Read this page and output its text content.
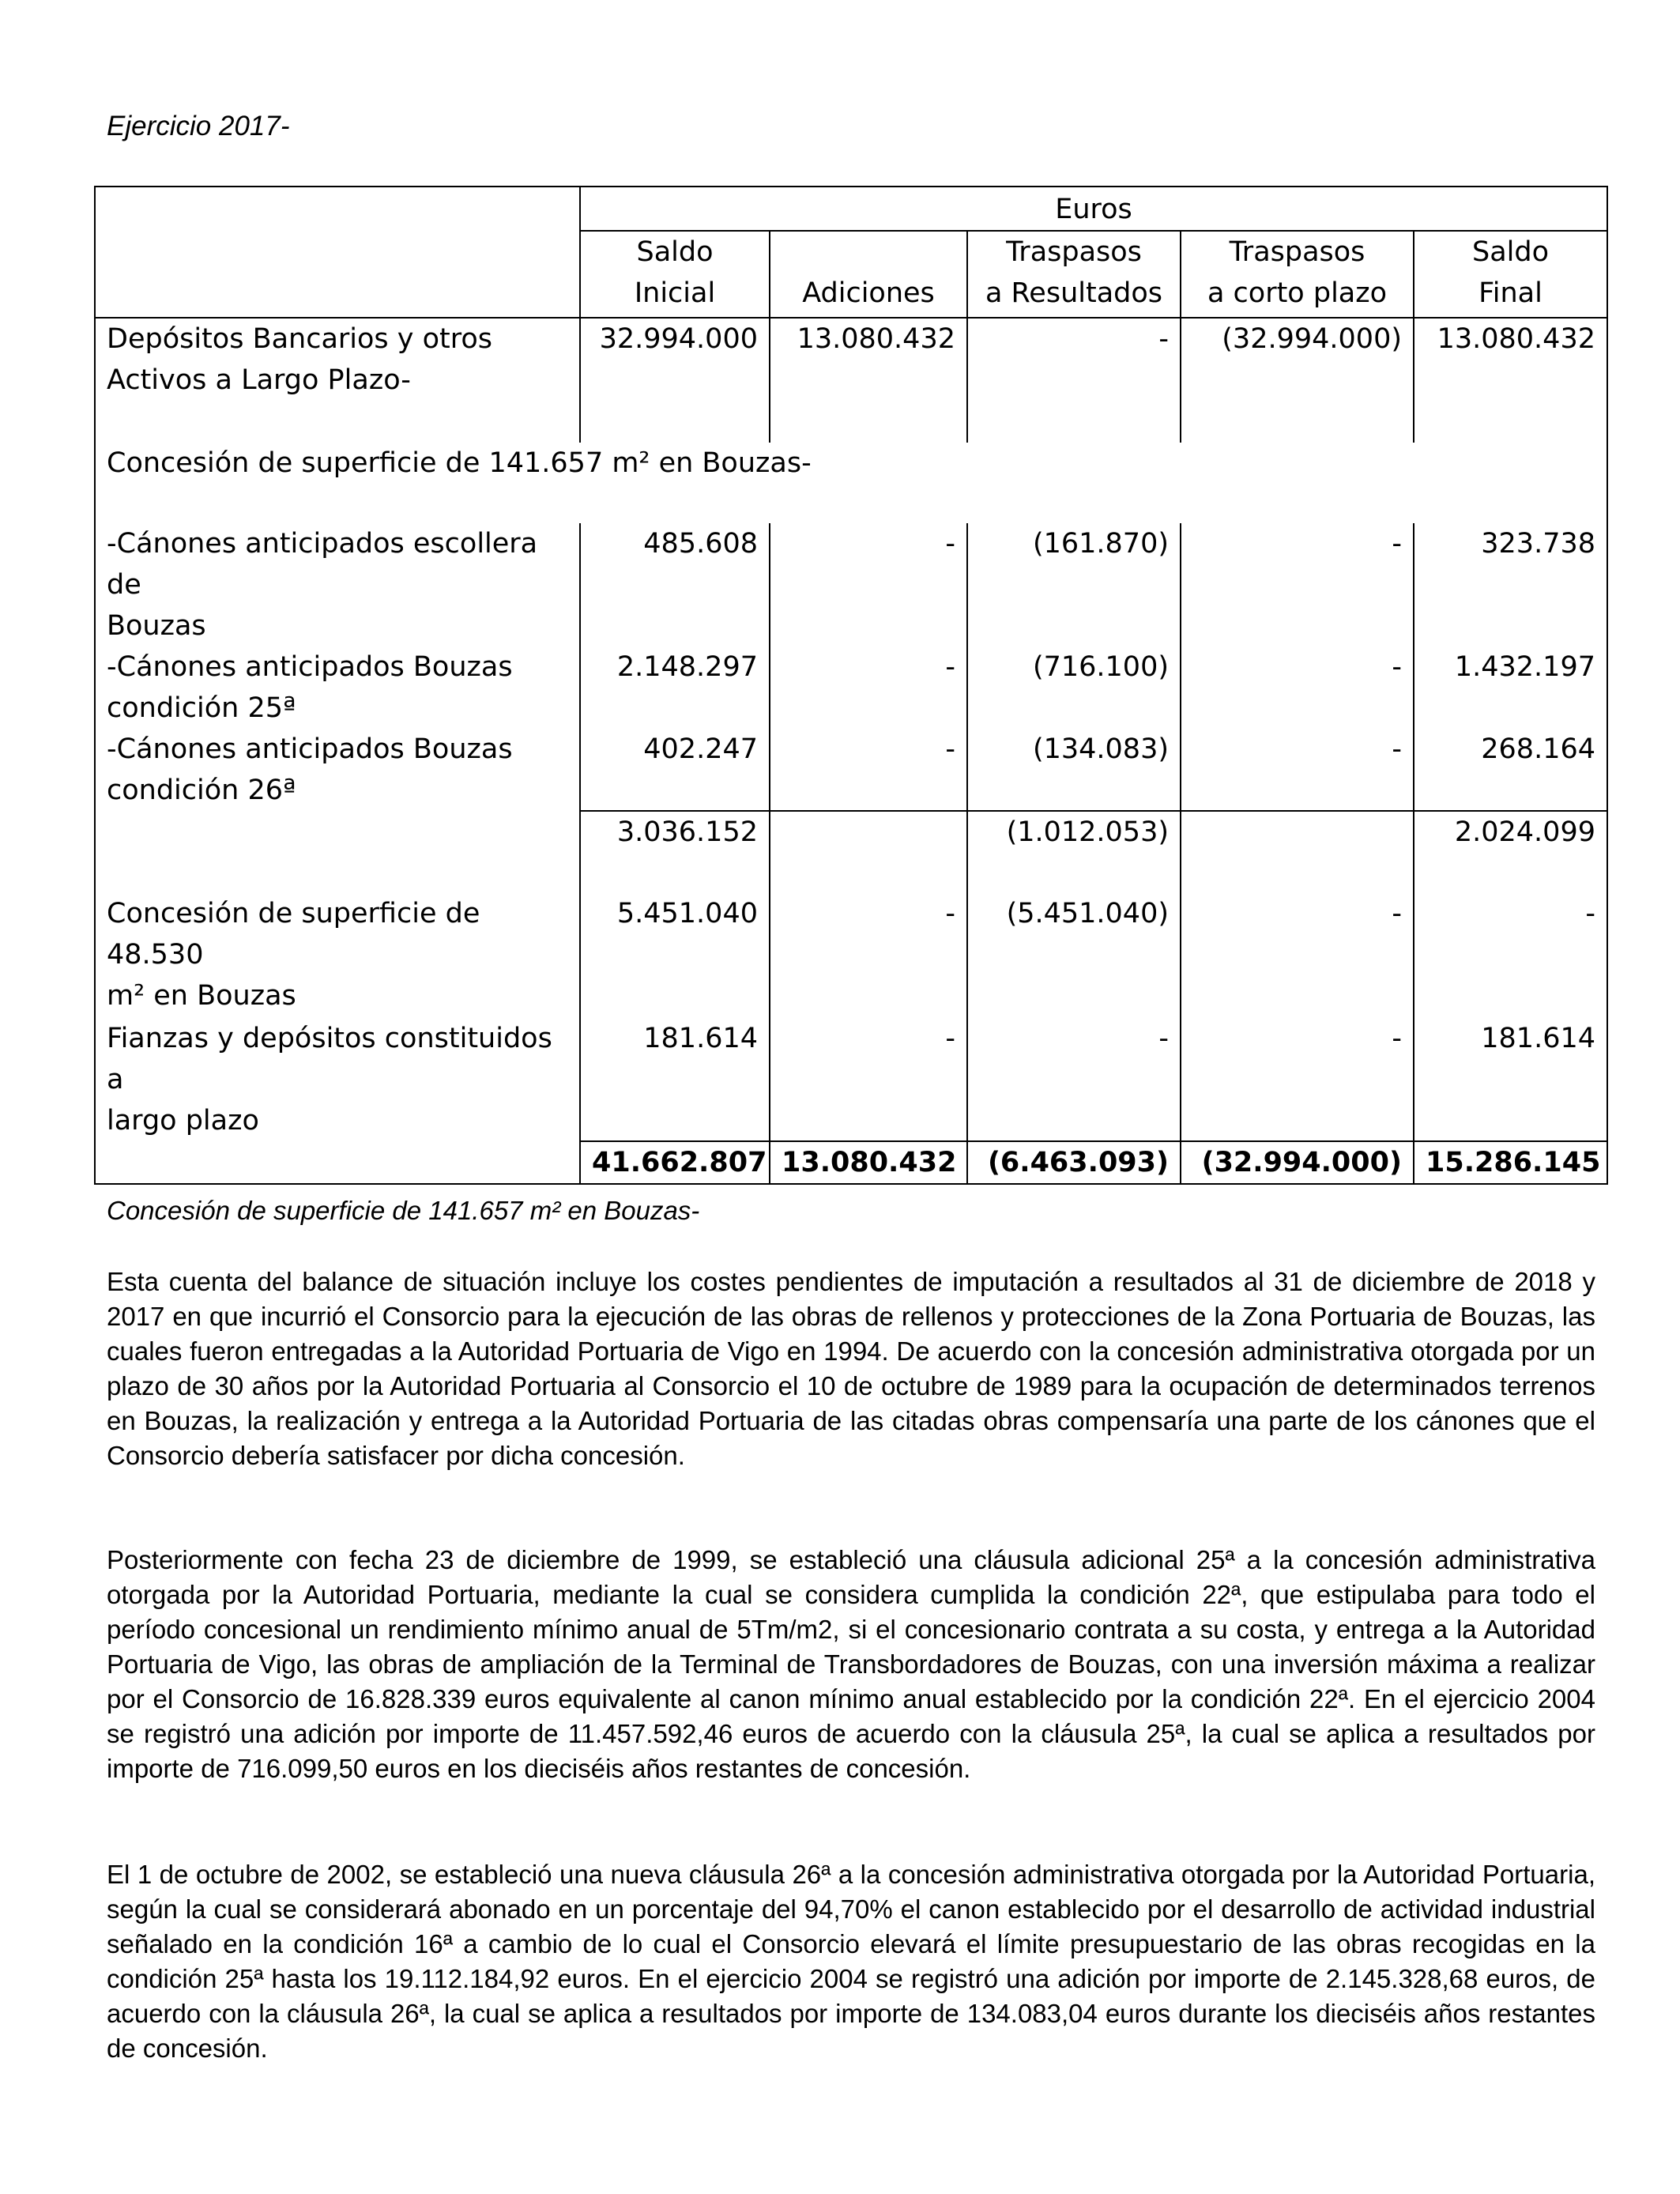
Ejercicio 2017-
	Euros				
	Saldo		Traspasos	Traspasos	Saldo
	Inicial	Adiciones	a Resultados	a corto plazo	Final

Depósitos Bancarios y otros
Activos a Largo Plazo-	32.994.000	13.080.432	-	(32.994.000)	13.080.432
Concesión de superficie de 141.657 m² en Bouzas-					

-Cánones anticipados escollera de
Bouzas	485.608	-	(161.870)	-	323.738

-Cánones anticipados Bouzas
condición 25ª	2.148.297	-	(716.100)	-	1.432.197

-Cánones anticipados Bouzas
condición 26ª	402.247	-	(134.083)	-	268.164
	3.036.152		(1.012.053)		2.024.099

Concesión de superficie de 48.530
m² en Bouzas	5.451.040	-	(5.451.040)	-	-

Fianzas y depósitos constituidos a
largo plazo	181.614	-	-	-	181.614
	41.662.807	13.080.432	(6.463.093)	(32.994.000)	15.286.145

Concesión de superficie de 141.657 m² en Bouzas-

Esta cuenta del balance de situación incluye los costes pendientes de imputación a resultados al 31 de diciembre de 2018 y 2017 en que incurrió el Consorcio para la ejecución de las obras de rellenos y protecciones de la Zona Portuaria de Bouzas, las cuales fueron entregadas a la Autoridad Portuaria de Vigo en 1994. De acuerdo con la concesión administrativa otorgada por un plazo de 30 años por la Autoridad Portuaria al Consorcio el 10 de octubre de 1989 para la ocupación de determinados terrenos en Bouzas, la realización y entrega a la Autoridad Portuaria de las citadas obras compensaría una parte de los cánones que el Consorcio debería satisfacer por dicha concesión.

Posteriormente con fecha 23 de diciembre de 1999, se estableció una cláusula adicional 25ª a la concesión administrativa otorgada por la Autoridad Portuaria, mediante la cual se considera cumplida la condición 22ª, que estipulaba para todo el período concesional un rendimiento mínimo anual de 5Tm/m2, si el concesionario contrata a su costa, y entrega a la Autoridad Portuaria de Vigo, las obras de ampliación de la Terminal de Transbordadores de Bouzas, con una inversión máxima a realizar por el Consorcio de 16.828.339 euros equivalente al canon mínimo anual establecido por la condición 22ª. En el ejercicio 2004 se registró una adición por importe de 11.457.592,46 euros de acuerdo con la cláusula 25ª, la cual se aplica a resultados por importe de 716.099,50 euros en los dieciséis años restantes de concesión.

El 1 de octubre de 2002, se estableció una nueva cláusula 26ª a la concesión administrativa otorgada por la Autoridad Portuaria, según la cual se considerará abonado en un porcentaje del 94,70% el canon establecido por el desarrollo de actividad industrial señalado en la condición 16ª a cambio de lo cual el Consorcio elevará el límite presupuestario de las obras recogidas en la condición 25ª hasta los 19.112.184,92 euros. En el ejercicio 2004 se registró una adición por importe de 2.145.328,68 euros, de acuerdo con la cláusula 26ª, la cual se aplica a resultados por importe de 134.083,04 euros durante los dieciséis años restantes de concesión.
